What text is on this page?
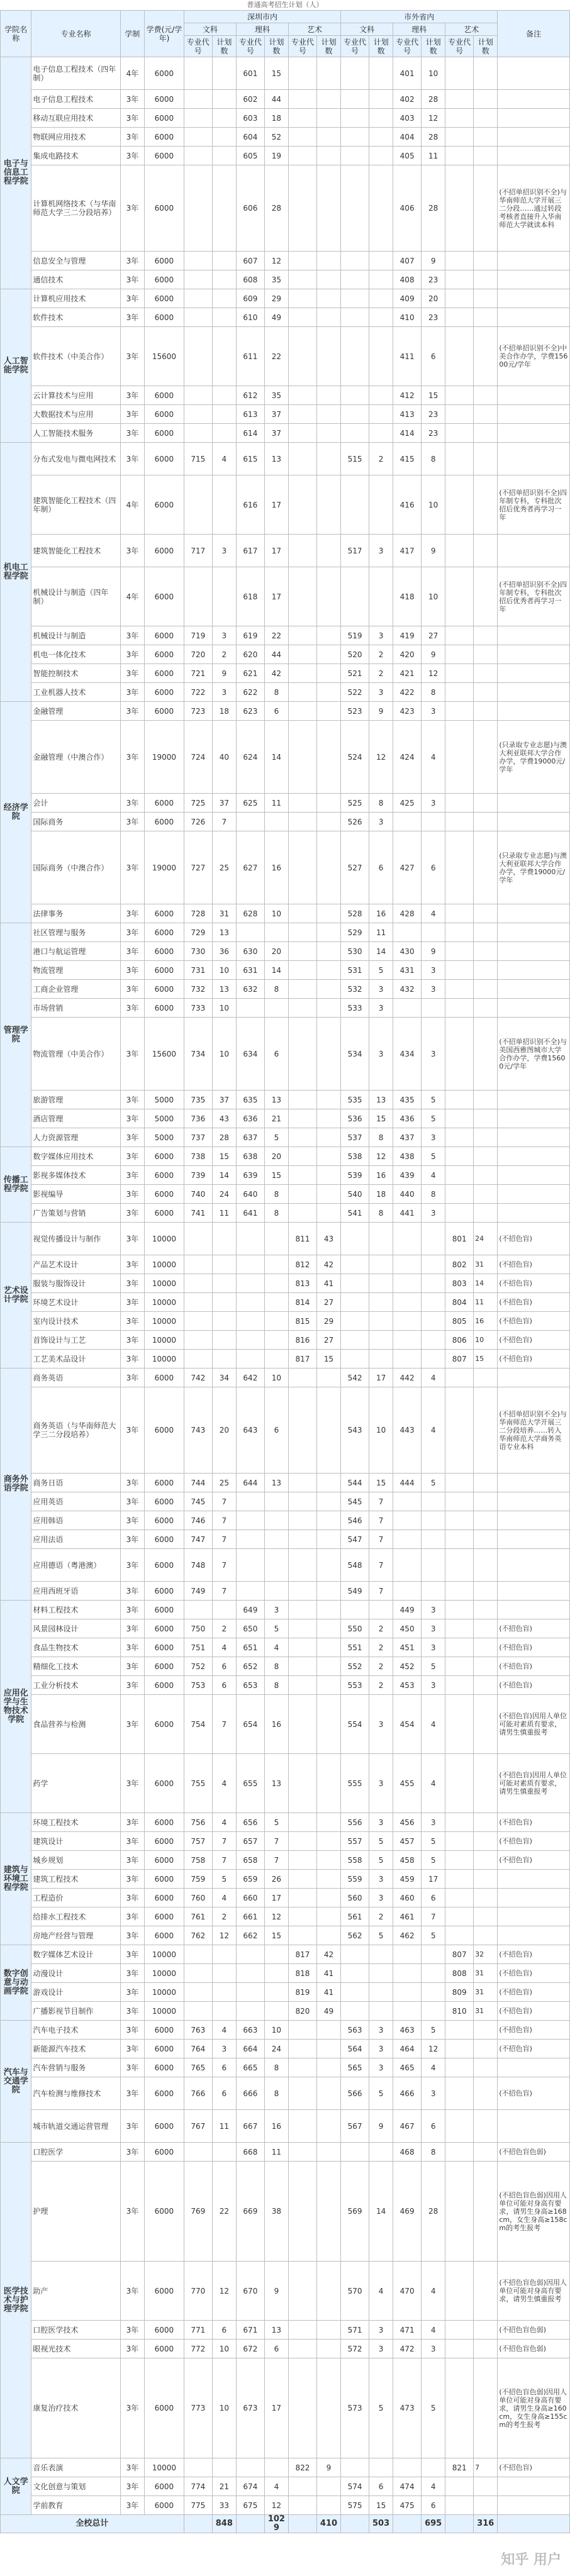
普通高考招生计划（人）
学院名称	专业名称	学制	学费(元/学年)	深圳市内						市外省内						备注
				文科		理科		艺术		文科		理科		艺术		
				专业代号	计划数	专业代号	计划数	专业代号	计划数	专业代号	计划数	专业代号	计划数	专业代号	计划数	
电子与信息工程学院	电子信息工程技术（四年制）	4年	6000			601	15					401	10			
	电子信息工程技术	3年	6000			602	44					402	28			
	移动互联应用技术	3年	6000			603	18					403	12			
	物联网应用技术	3年	6000			604	52					404	28			
	集成电路技术	3年	6000			605	19					405	11			
	计算机网络技术（与华南师范大学三二分段培养）	3年	6000			606	28					406	28			(不招单招识别不全)与华南师范大学开展三二分段……通过转段考核者直接升入华南师范大学就读本科
	信息安全与管理	3年	6000			607	12					407	9			
	通信技术	3年	6000			608	35					408	23			
人工智能学院	计算机应用技术	3年	6000			609	29					409	20			
	软件技术	3年	6000			610	49					410	23			
	软件技术（中美合作）	3年	15600			611	22					411	6			(不招单招识别不全)中美合作办学，学费15600元/学年
	云计算技术与应用	3年	6000			612	35					412	15			
	大数据技术与应用	3年	6000			613	37					413	23			
	人工智能技术服务	3年	6000			614	37					414	23			
机电工程学院	分布式发电与微电网技术	3年	6000	715	4	615	13			515	2	415	8			
	建筑智能化工程技术（四年制）	4年	6000			616	17					416	10			(不招单招识别不全)四年制专科，专科批次招后优秀者再学习一年
	建筑智能化工程技术	3年	6000	717	3	617	17			517	3	417	9			
	机械设计与制造（四年制）	4年	6000			618	17					418	10			(不招单招识别不全)四年制专科，专科批次招后优秀者再学习一年
	机械设计与制造	3年	6000	719	3	619	22			519	3	419	27			
	机电一体化技术	3年	6000	720	2	620	44			520	2	420	9			
	智能控制技术	3年	6000	721	9	621	42			521	2	421	12			
	工业机器人技术	3年	6000	722	3	622	8			522	3	422	8			
经济学院	金融管理	3年	6000	723	18	623	6			523	9	423	3			
	金融管理（中澳合作）	3年	19000	724	40	624	14			524	12	424	4			(只录取专业志愿)与澳大利亚联邦大学合作办学，学费19000元/学年
	会计	3年	6000	725	37	625	11			525	8	425	3			
	国际商务	3年	6000	726	7					526	3					
	国际商务（中澳合作）	3年	19000	727	25	627	16			527	6	427	6			(只录取专业志愿)与澳大利亚联邦大学合作办学，学费19000元/学年
	法律事务	3年	6000	728	31	628	10			528	16	428	4			
管理学院	社区管理与服务	3年	6000	729	13					529	11					
	港口与航运管理	3年	6000	730	36	630	20			530	14	430	9			
	物流管理	3年	6000	731	10	631	14			531	5	431	3			
	工商企业管理	3年	6000	732	13	632	8			532	3	432	3			
	市场营销	3年	6000	733	10					533	3					
	物流管理（中美合作）	3年	15600	734	10	634	6			534	3	434	3			(不招单招识别不全)与美国西雅图城市大学合作办学，学费15600元/学年
	旅游管理	3年	5000	735	37	635	13			535	13	435	5			
	酒店管理	3年	5000	736	43	636	21			536	15	436	5			
	人力资源管理	3年	5000	737	28	637	5			537	8	437	3			
传播工程学院	数字媒体应用技术	3年	6000	738	15	638	20			538	12	438	5			
	影视多媒体技术	3年	6000	739	14	639	15			539	16	439	4			
	影视编导	3年	6000	740	24	640	8			540	18	440	8			
	广告策划与营销	3年	6000	741	11	641	8			541	8	441	3			
艺术设计学院	视觉传播设计与制作	3年	10000					811	43					801	24	(不招色盲)
	产品艺术设计	3年	10000					812	42					802	31	(不招色盲)
	服装与服饰设计	3年	10000					813	41					803	14	(不招色盲)
	环境艺术设计	3年	10000					814	27					804	11	(不招色盲)
	室内设计技术	3年	10000					815	29					805	16	(不招色盲)
	首饰设计与工艺	3年	10000					816	27					806	10	(不招色盲)
	工艺美术品设计	3年	10000					817	15					807	15	(不招色盲)
商务外语学院	商务英语	3年	6000	742	34	642	10			542	17	442	4			
	商务英语（与华南师范大学三二分段培养）	3年	6000	743	20	643	6			543	10	443	4			(不招单招识别不全)与华南师范大学开展三二分段培养……转入华南师范大学商务英语专业本科
	商务日语	3年	6000	744	25	644	13			544	15	444	5			
	应用英语	3年	6000	745	7					545	7					
	应用韩语	3年	6000	746	7					546	7					
	应用法语	3年	6000	747	7					547	7					
	应用德语（粤港澳）	3年	6000	748	7					548	7					
	应用西班牙语	3年	6000	749	7					549	7					
应用化学与生物技术学院	材料工程技术	3年	6000			649	3					449	3			
	风景园林设计	3年	6000	750	2	650	5			550	2	450	3			(不招色盲)
	食品生物技术	3年	6000	751	4	651	4			551	2	451	3			(不招色盲)
	精细化工技术	3年	6000	752	6	652	8			552	2	452	5			(不招色盲)
	工业分析技术	3年	6000	753	6	653	8			553	2	453	3			(不招色盲)
	食品营养与检测	3年	6000	754	7	654	16			554	3	454	4			(不招色盲)因用人单位可能对素质有要求，请男生慎重报考
	药学	3年	6000	755	4	655	13			555	3	455	4			(不招色盲)因用人单位可能对素质有要求，请男生慎重报考
建筑与环境工程学院	环境工程技术	3年	6000	756	4	656	5			556	3	456	3			(不招色盲)
	建筑设计	3年	6000	757	7	657	7			557	5	457	5			(不招色盲)
	城乡规划	3年	6000	758	7	658	7			558	5	458	5			(不招色盲)
	建筑工程技术	3年	6000	759	5	659	26			559	3	459	17			
	工程造价	3年	6000	760	4	660	17			560	3	460	6			
	给排水工程技术	3年	6000	761	2	661	12			561	2	461	7			
	房地产经营与管理	3年	6000	762	12	662	15			562	5	462	5			
数字创意与动画学院	数字媒体艺术设计	3年	10000					817	42					807	32	(不招色盲)
	动漫设计	3年	10000					818	41					808	31	(不招色盲)
	游戏设计	3年	10000					819	41					809	31	(不招色盲)
	广播影视节目制作	3年	10000					820	49					810	31	(不招色盲)
汽车与交通学院	汽车电子技术	3年	6000	763	4	663	10			563	3	463	5			(不招色盲)
	新能源汽车技术	3年	6000	764	3	664	24			564	3	464	12			(不招色盲)
	汽车营销与服务	3年	6000	765	6	665	8			565	3	465	4			
	汽车检测与维修技术	3年	6000	766	6	666	8			566	5	466	3			(不招色盲)
	城市轨道交通运营管理	3年	6000	767	11	667	16			567	9	467	6			
医学技术与护理学院	口腔医学	3年	6000			668	11					468	8			(不招色盲色弱)
	护理	3年	6000	769	22	669	38			569	14	469	28			(不招色盲色弱)因用人单位可能对身高有要求，请男生身高≥168cm，女生身高≥158cm的考生报考
	助产	3年	6000	770	12	670	9			570	4	470	4			(不招色盲色弱)因用人单位可能对身高有要求，请男生慎重报考
	口腔医学技术	3年	6000	771	6	671	13			571	3	471	4			(不招色盲色弱)
	眼视光技术	3年	6000	772	10	672	6			572	3	472	3			(不招色盲色弱)
	康复治疗技术	3年	6000	773	10	673	17			573	5	473	5			(不招色盲色弱)因用人单位可能对身高有要求，请男生身高≥160cm，女生身高≥155cm的考生报考
人文学院	音乐表演	3年	10000					822	9					821	7	(不招色盲)
	文化创意与策划	3年	6000	774	21	674	4			574	6	474	4			
	学前教育	3年	6000	775	33	675	12			575	15	475	6			
全校总计					848		1029		410		503		695		316	
知乎 用户
